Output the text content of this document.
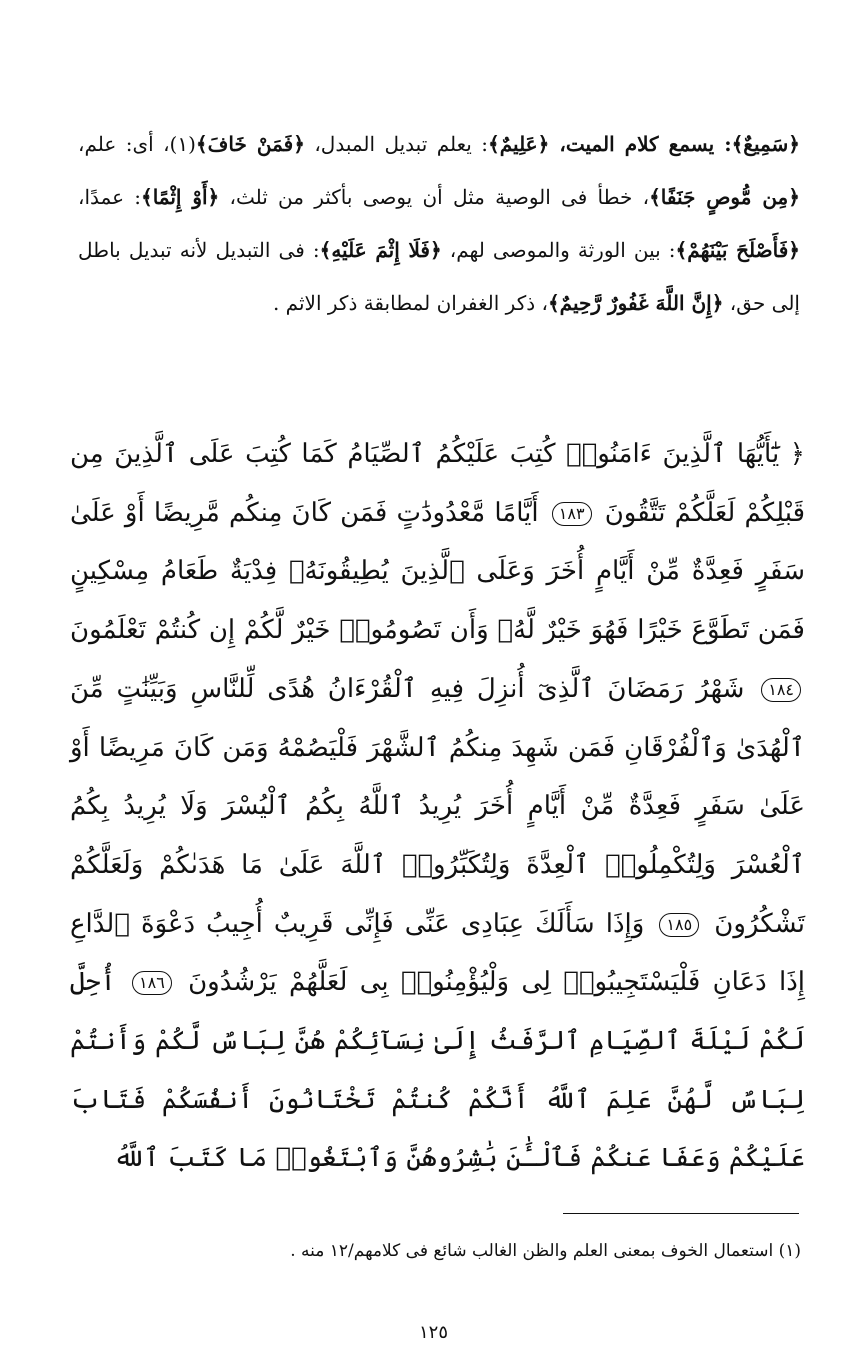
﴿سَمِيعٌ﴾: يسمع كلام الميت، ﴿عَلِيمٌ﴾: يعلم تبديل المبدل، ﴿فَمَنْ خَافَ﴾(١)، أى: علم، ﴿مِن مُّوصٍ جَنَفًا﴾، خطأ فى الوصية مثل أن يوصى بأكثر من ثلث، ﴿أَوْ إِثْمًا﴾: عمدًا، ﴿فَأَصْلَحَ بَيْنَهُمْ﴾: بين الورثة والموصى لهم، ﴿فَلَا إِثْمَ عَلَيْهِ﴾: فى التبديل لأنه تبديل باطل إلى حق، ﴿إِنَّ اللَّهَ غَفُورٌ رَّحِيمٌ﴾، ذكر الغفران لمطابقة ذكر الاثم .
﴿ يَٰٓأَيُّهَا ٱلَّذِينَ ءَامَنُوا۟ كُتِبَ عَلَيْكُمُ ٱلصِّيَامُ كَمَا كُتِبَ عَلَى ٱلَّذِينَ مِن قَبْلِكُمْ لَعَلَّكُمْ تَتَّقُونَ ١٨٣ أَيَّامًا مَّعْدُودَٰتٍ فَمَن كَانَ مِنكُم مَّرِيضًا أَوْ عَلَىٰ سَفَرٍ فَعِدَّةٌ مِّنْ أَيَّامٍ أُخَرَ وَعَلَى ٱلَّذِينَ يُطِيقُونَهُۥ فِدْيَةٌ طَعَامُ مِسْكِينٍ فَمَن تَطَوَّعَ خَيْرًا فَهُوَ خَيْرٌ لَّهُۥ وَأَن تَصُومُوا۟ خَيْرٌ لَّكُمْ إِن كُنتُمْ تَعْلَمُونَ ١٨٤ شَهْرُ رَمَضَانَ ٱلَّذِىٓ أُنزِلَ فِيهِ ٱلْقُرْءَانُ هُدًى لِّلنَّاسِ وَبَيِّنَٰتٍ مِّنَ ٱلْهُدَىٰ وَٱلْفُرْقَانِ فَمَن شَهِدَ مِنكُمُ ٱلشَّهْرَ فَلْيَصُمْهُ وَمَن كَانَ مَرِيضًا أَوْ عَلَىٰ سَفَرٍ فَعِدَّةٌ مِّنْ أَيَّامٍ أُخَرَ يُرِيدُ ٱللَّهُ بِكُمُ ٱلْيُسْرَ وَلَا يُرِيدُ بِكُمُ ٱلْعُسْرَ وَلِتُكْمِلُوا۟ ٱلْعِدَّةَ وَلِتُكَبِّرُوا۟ ٱللَّهَ عَلَىٰ مَا هَدَىٰكُمْ وَلَعَلَّكُمْ تَشْكُرُونَ ١٨٥ وَإِذَا سَأَلَكَ عِبَادِى عَنِّى فَإِنِّى قَرِيبٌ أُجِيبُ دَعْوَةَ ٱلدَّاعِ إِذَا دَعَانِ فَلْيَسْتَجِيبُوا۟ لِى وَلْيُؤْمِنُوا۟ بِى لَعَلَّهُمْ يَرْشُدُونَ ١٨٦ أُحِلَّ لَكُمْ لَيْلَةَ ٱلصِّيَامِ ٱلرَّفَثُ إِلَىٰ نِسَآئِكُمْ هُنَّ لِبَاسٌ لَّكُمْ وَأَنتُمْ لِبَاسٌ لَّهُنَّ عَلِمَ ٱللَّهُ أَنَّكُمْ كُنتُمْ تَخْتَانُونَ أَنفُسَكُمْ فَتَابَ عَلَيْكُمْ وَعَفَا عَنكُمْ فَٱلْـَٰٔنَ بَٰشِرُوهُنَّ وَٱبْتَغُوا۟ مَا كَتَبَ ٱللَّهُ
(١) استعمال الخوف بمعنى العلم والظن الغالب شائع فى كلامهم/١٢ منه .
١٢٥
